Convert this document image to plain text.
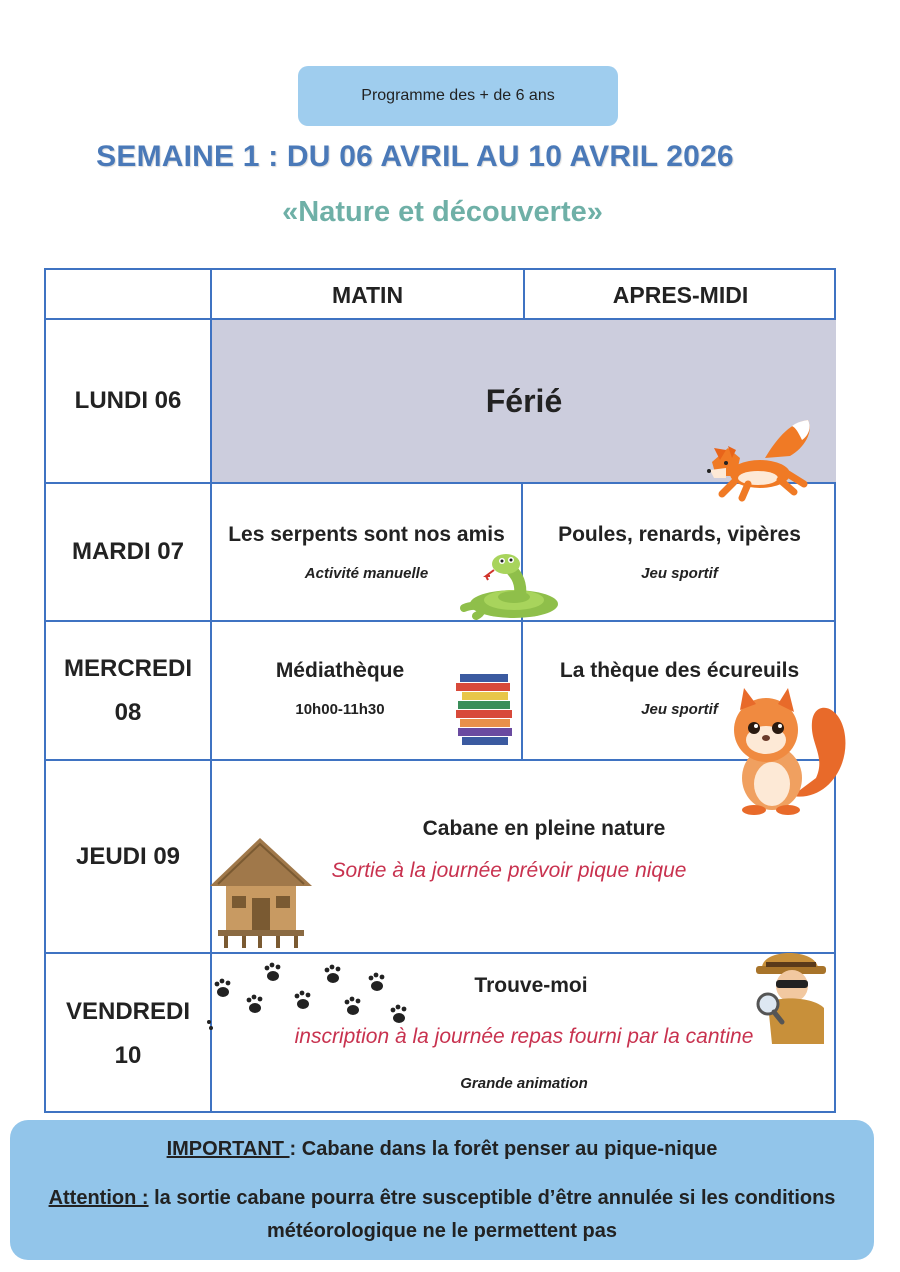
Programme des + de 6 ans
SEMAINE 1 : DU 06 AVRIL AU 10 AVRIL 2026
«Nature et découverte»
MATIN	APRES-MIDI
LUNDI 06	Férié
MARDI 07
Les serpents sont nos amis
Activité manuelle
Poules, renards, vipères
Jeu sportif
MERCREDI
08
Médiathèque
10h00-11h30
La thèque des écureuils
Jeu sportif
JEUDI 09
Cabane en pleine nature
Sortie à la journée prévoir pique nique
VENDREDI
10
Trouve-moi
inscription à la journée repas fourni par la cantine
Grande animation

IMPORTANT : Cabane dans la forêt penser au pique-nique

Attention : la sortie cabane pourra être susceptible d’être annulée si les conditions

météorologique ne le permettent pas
